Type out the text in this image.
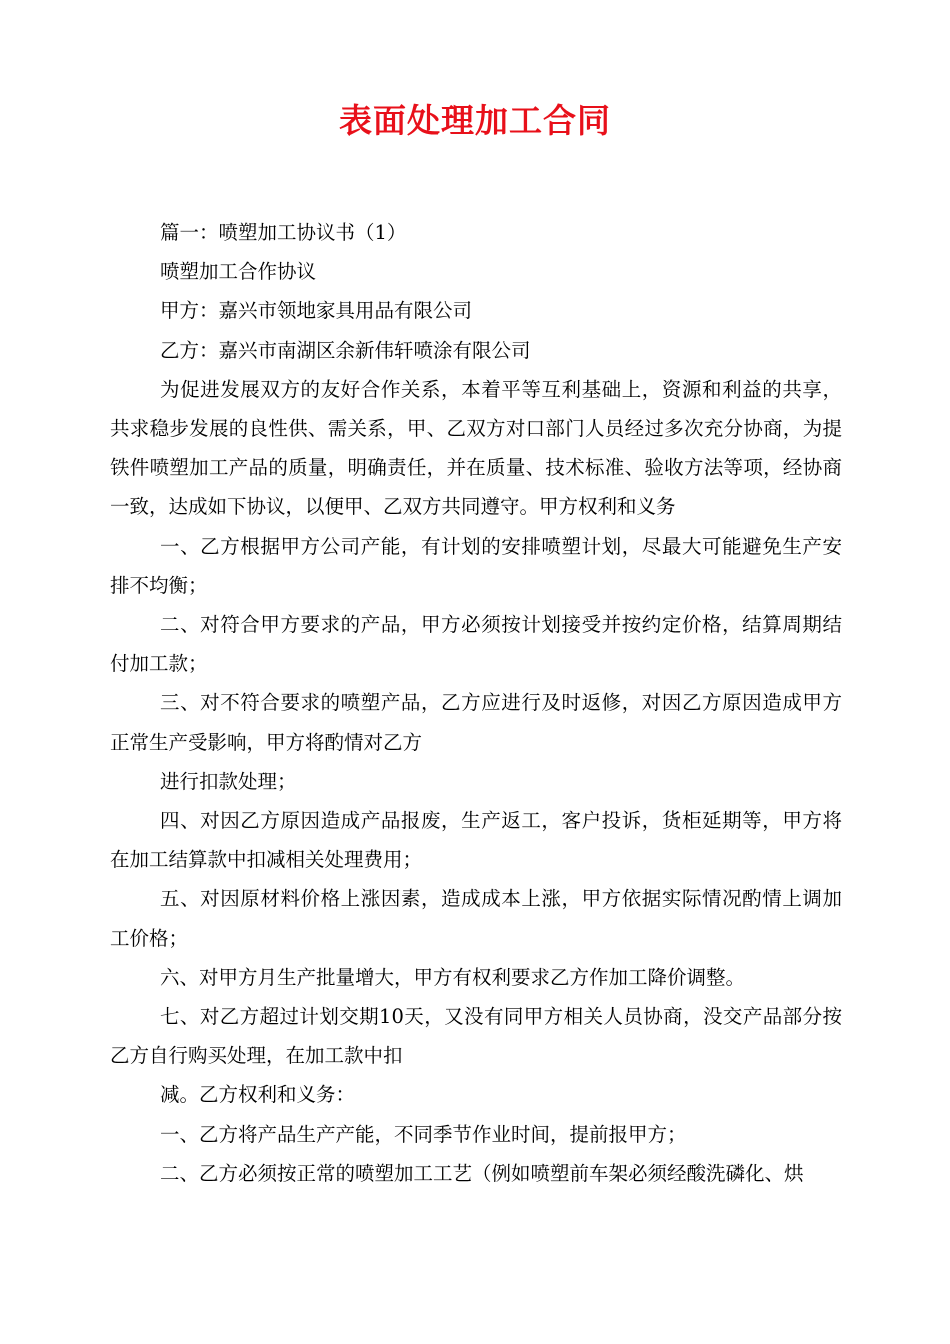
表面处理加工合同

篇一：喷塑加工协议书（1）

喷塑加工合作协议

甲方：嘉兴市领地家具用品有限公司

乙方：嘉兴市南湖区余新伟轩喷涂有限公司

为促进发展双方的友好合作关系，本着平等互利基础上，资源和利益的共享，共求稳步发展的良性供、需关系，甲、乙双方对口部门人员经过多次充分协商，为提铁件喷塑加工产品的质量，明确责任，并在质量、技术标准、验收方法等项，经协商一致，达成如下协议，以便甲、乙双方共同遵守。甲方权利和义务

一、乙方根据甲方公司产能，有计划的安排喷塑计划，尽最大可能避免生产安排不均衡；

二、对符合甲方要求的产品，甲方必须按计划接受并按约定价格，结算周期结付加工款；

三、对不符合要求的喷塑产品，乙方应进行及时返修，对因乙方原因造成甲方正常生产受影响，甲方将酌情对乙方

进行扣款处理；

四、对因乙方原因造成产品报废，生产返工，客户投诉，货柜延期等，甲方将在加工结算款中扣减相关处理费用；

五、对因原材料价格上涨因素，造成成本上涨，甲方依据实际情况酌情上调加工价格；

六、对甲方月生产批量增大，甲方有权利要求乙方作加工降价调整。

七、对乙方超过计划交期10天，又没有同甲方相关人员协商，没交产品部分按乙方自行购买处理，在加工款中扣

减。乙方权利和义务：

一、乙方将产品生产产能，不同季节作业时间，提前报甲方；

二、乙方必须按正常的喷塑加工工艺（例如喷塑前车架必须经酸洗磷化、烘
